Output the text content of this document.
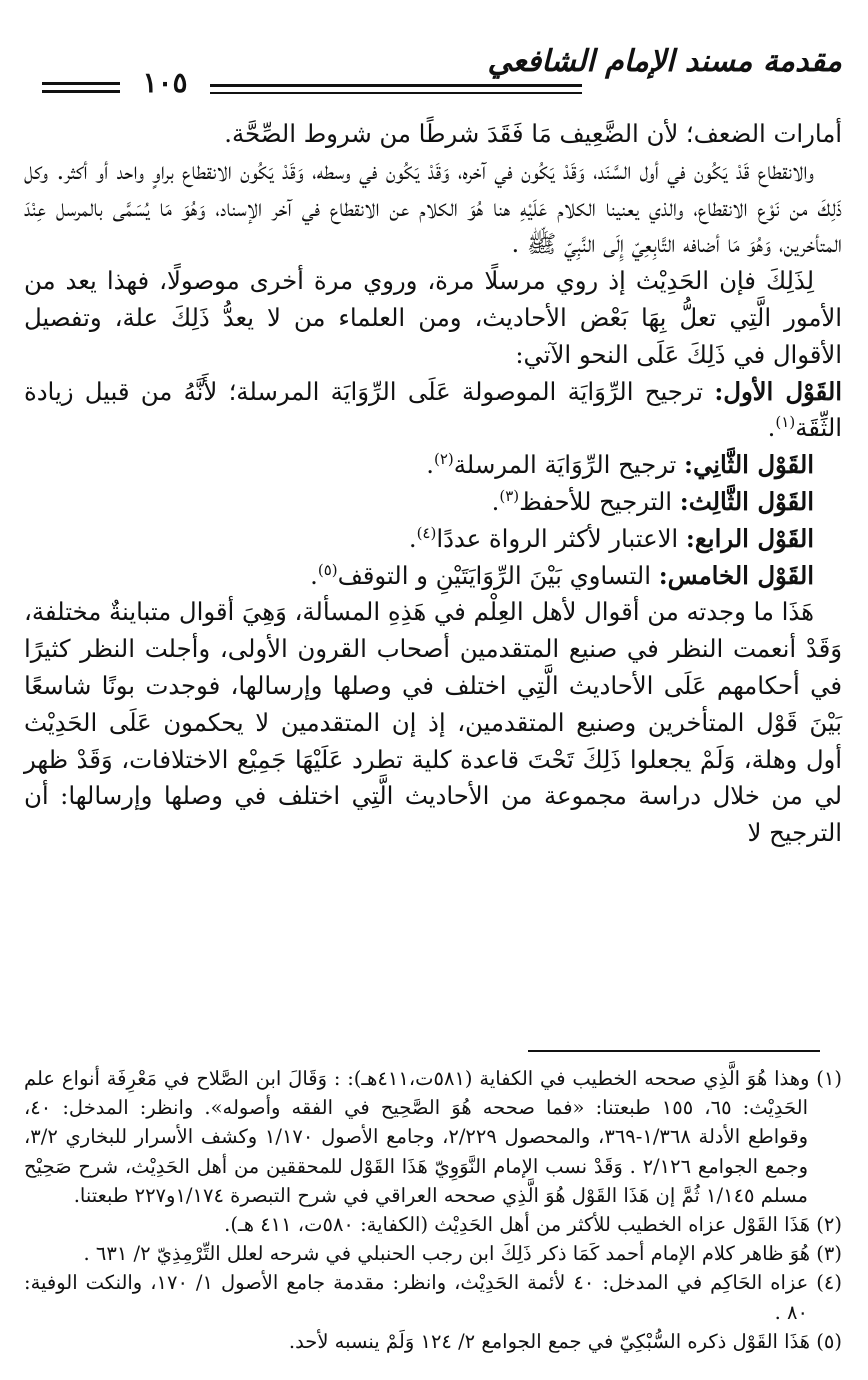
مقدمة مسند الإمام الشافعي
١٠٥

أمارات الضعف؛ لأن الضَّعِيف مَا فَقَدَ شرطًا من شروط الصِّحَّة.

والانقطاع قَدْ يَكُون في أول السَّنَد، وَقَدْ يَكُون في آخره، وَقَدْ يَكُون في وسطه، وَقَدْ يَكُون الانقطاع براوٍ واحد أو أكثر. وكل ذَلِكَ من نَوْع الانقطاع، والذي يعنينا الكلام عَلَيْهِ هنا هُوَ الكلام عن الانقطاع في آخر الإسناد، وَهُوَ مَا يُسَمَّى بالمرسل عِنْدَ المتأخرين، وَهُوَ مَا أضافه التَّابِعِيّ إِلَى النَّبِيّ ﷺ .

لِذَلِكَ فإن الحَدِيْث إذ روي مرسلًا مرة، وروي مرة أخرى موصولًا، فهذا يعد من الأمور الَّتِي تعلُّ بِهَا بَعْض الأحاديث، ومن العلماء من لا يعدُّ ذَلِكَ علة، وتفصيل الأقوال في ذَلِكَ عَلَى النحو الآتي:

القَوْل الأول: ترجيح الرِّوَايَة الموصولة عَلَى الرِّوَايَة المرسلة؛ لأَنَّهُ من قبيل زيادة الثِّقَة$^{(١)}$.

القَوْل الثَّانِي: ترجيح الرِّوَايَة المرسلة$^{(٢)}$.

القَوْل الثَّالِث: الترجيح للأحفظ$^{(٣)}$.

القَوْل الرابع: الاعتبار لأكثر الرواة عددًا$^{(٤)}$.

القَوْل الخامس: التساوي بَيْنَ الرِّوَايَتَيْنِ و التوقف$^{(٥)}$.

هَذَا ما وجدته من أقوال لأهل العِلْم في هَذِهِ المسألة، وَهِيَ أقوال متباينةٌ مختلفة، وَقَدْ أنعمت النظر في صنيع المتقدمين أصحاب القرون الأولى، وأجلت النظر كثيرًا في أحكامهم عَلَى الأحاديث الَّتِي اختلف في وصلها وإرسالها، فوجدت بونًا شاسعًا بَيْنَ قَوْل المتأخرين وصنيع المتقدمين، إذ إن المتقدمين لا يحكمون عَلَى الحَدِيْث أول وهلة، وَلَمْ يجعلوا ذَلِكَ تَحْتَ قاعدة كلية تطرد عَلَيْهَا جَمِيْع الاختلافات، وَقَدْ ظهر لي من خلال دراسة مجموعة من الأحاديث الَّتِي اختلف في وصلها وإرسالها: أن الترجيح لا

(١) وهذا هُوَ الَّذِي صححه الخطيب في الكفاية (٥٨١ت،٤١١هـ): : وَقَالَ ابن الصَّلاح في مَعْرِفَة أنواع علم الحَدِيْث: ٦٥، ١٥٥ طبعتنا: «فما صححه هُوَ الصَّحِيح في الفقه وأصوله». وانظر: المدخل: ٤٠، وقواطع الأدلة ١/٣٦٨-٣٦٩، والمحصول ٢/٢٢٩، وجامع الأصول ١/١٧٠ وكشف الأسرار للبخاري ٣/٢، وجمع الجوامع ٢/١٢٦ . وَقَدْ نسب الإمام النَّوَوِيّ هَذَا القَوْل للمحققين من أهل الحَدِيْث، شرح صَحِيْح مسلم ١/١٤٥ ثُمَّ إن هَذَا القَوْل هُوَ الَّذِي صححه العراقي في شرح التبصرة ١/١٧٤و٢٢٧ طبعتنا.

(٢) هَذَا القَوْل عزاه الخطيب للأكثر من أهل الحَدِيْث (الكفاية: ٥٨٠ت، ٤١١ هـ).

(٣) هُوَ ظاهر كلام الإمام أحمد كَمَا ذكر ذَلِكَ ابن رجب الحنبلي في شرحه لعلل التِّرْمِذِيّ ٢/ ٦٣١ .

(٤) عزاه الحَاكِم في المدخل: ٤٠ لأئمة الحَدِيْث، وانظر: مقدمة جامع الأصول ١/ ١٧٠، والنكت الوفية: ٨٠ .

(٥) هَذَا القَوْل ذكره السُّبْكِيّ في جمع الجوامع ٢/ ١٢٤ وَلَمْ ينسبه لأحد.
